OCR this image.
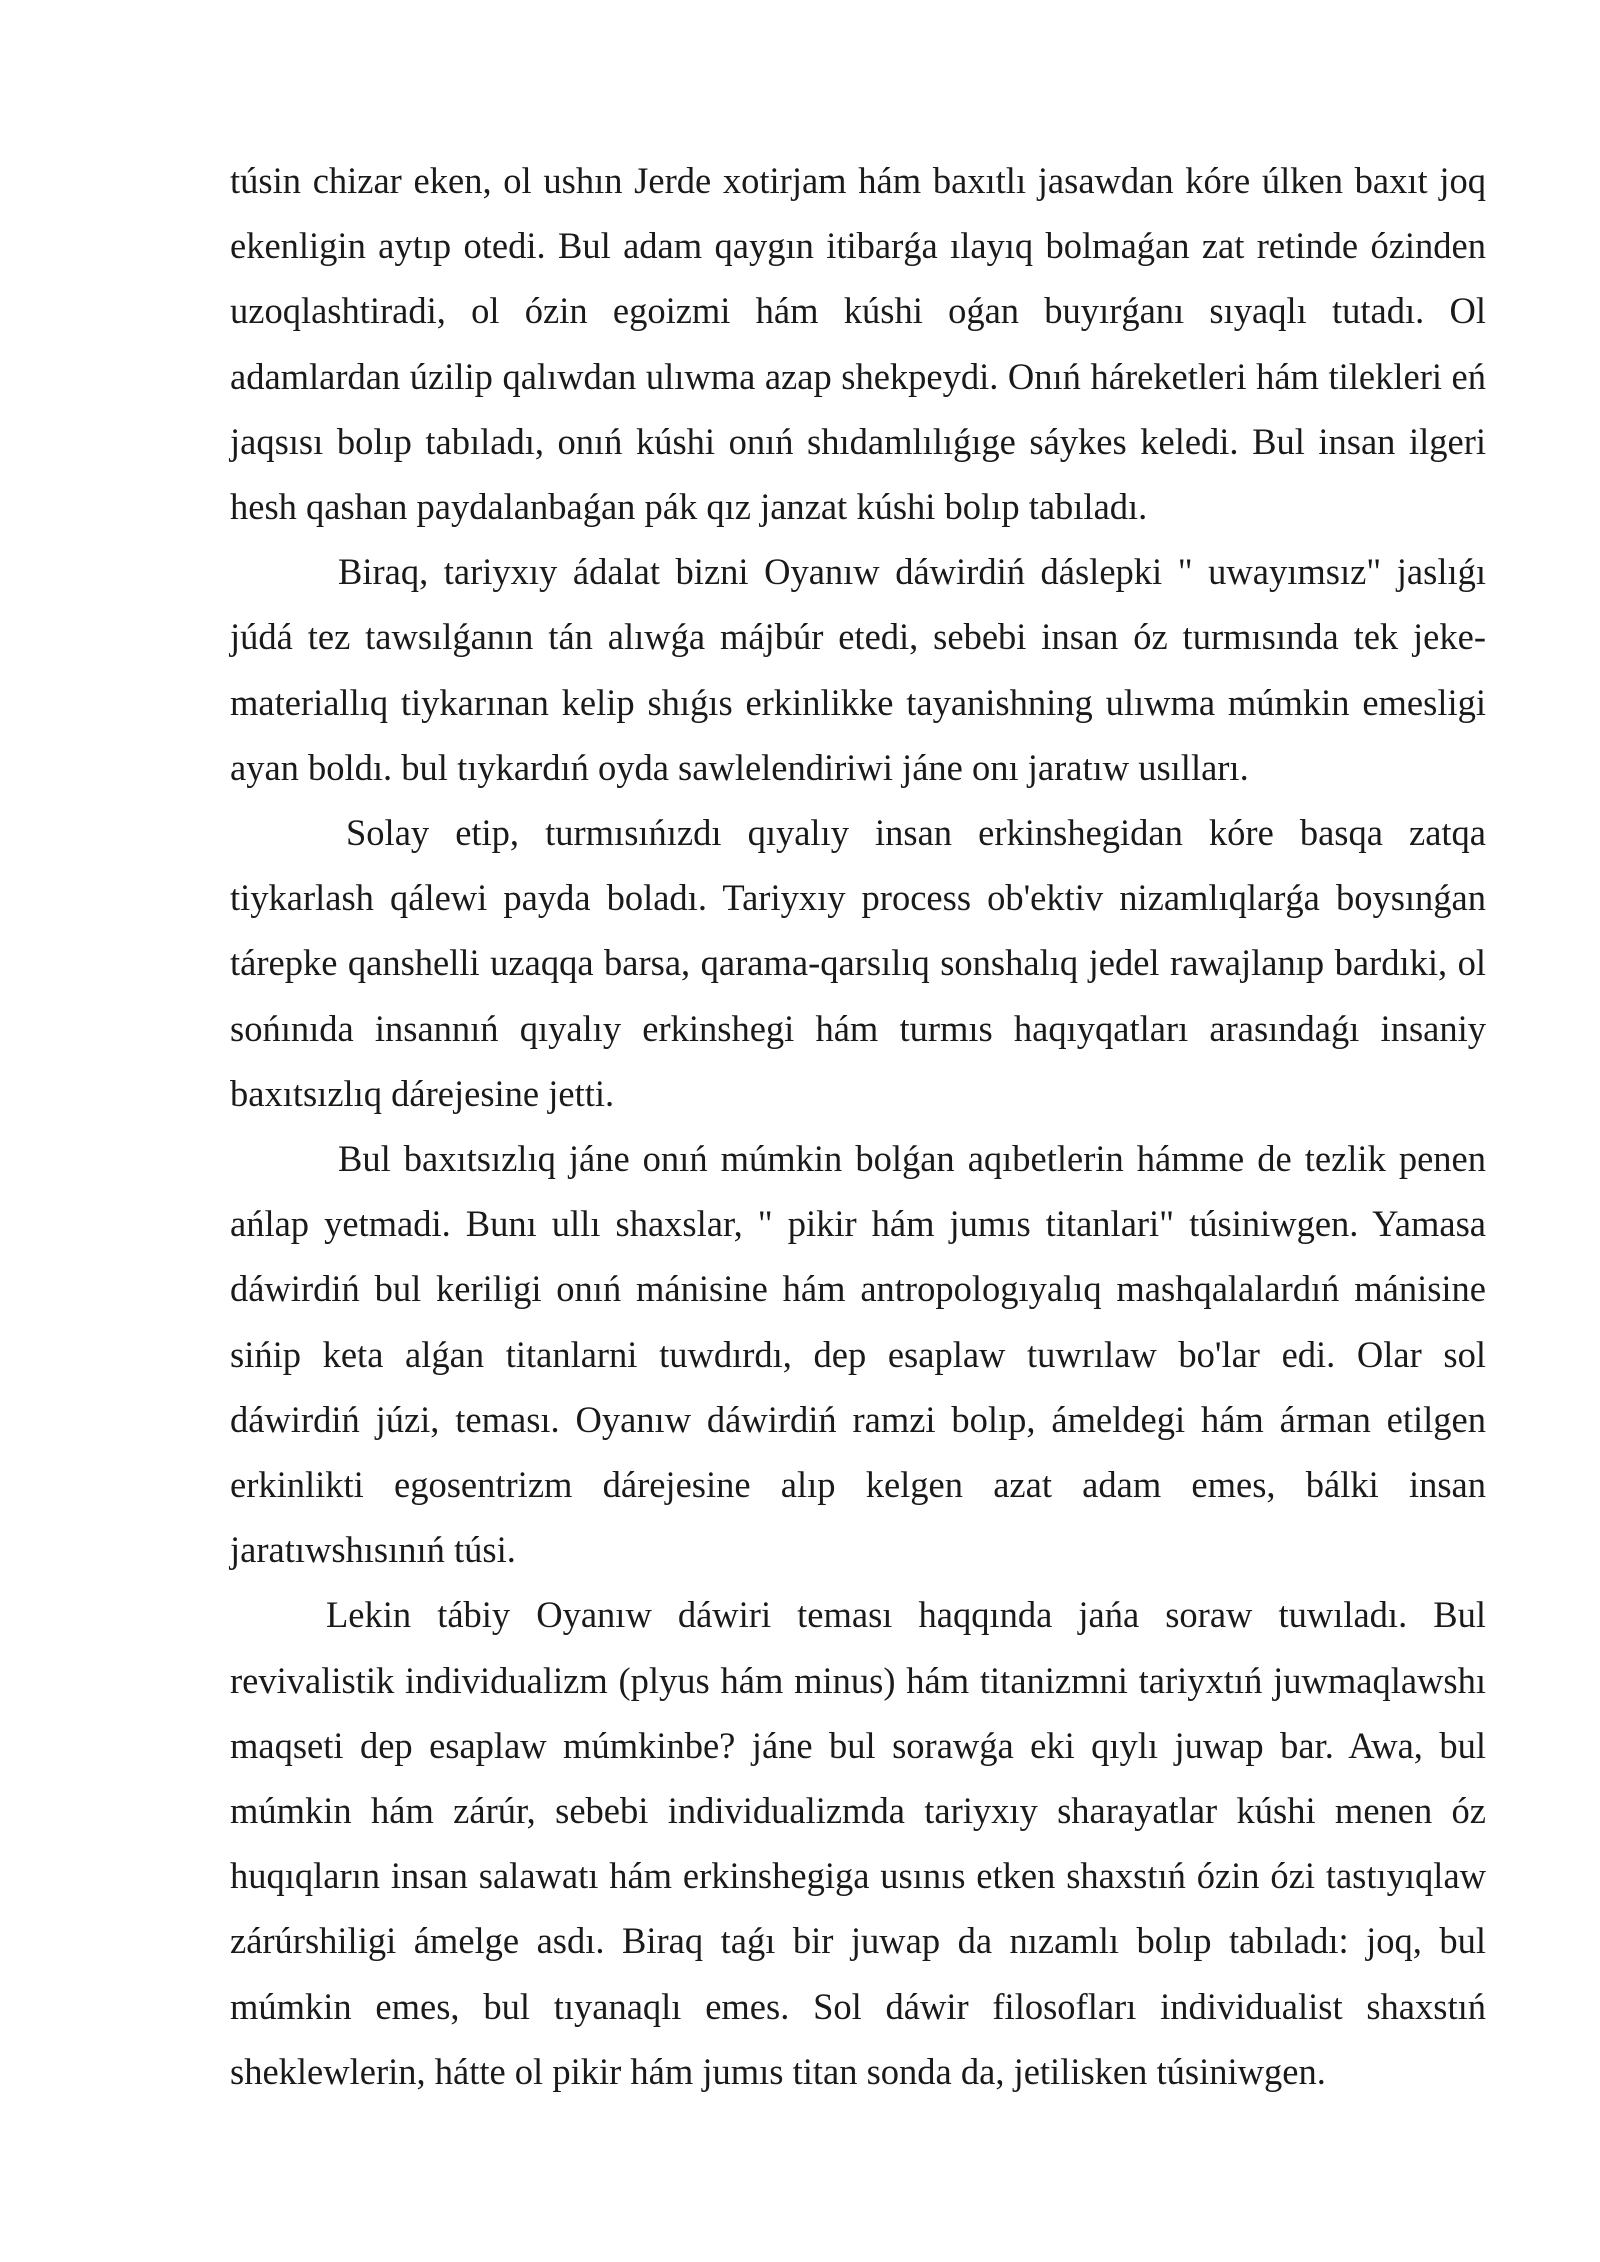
túsin chizar eken, ol ushın Jerde xotirjam hám baxıtlı jasawdan kóre úlken baxıt joq ekenligin aytıp otedi. Bul adam qaygın itibarǵa ılayıq bolmaǵan zat retinde ózinden uzoqlashtiradi, ol ózin egoizmi hám kúshi oǵan buyırǵanı sıyaqlı tutadı. Ol adamlardan úzilip qalıwdan ulıwma azap shekpeydi. Onıń háreketleri hám tilekleri eń jaqsısı bolıp tabıladı, onıń kúshi onıń shıdamlılıǵıge sáykes keledi. Bul insan ilgeri hesh qashan paydalanbaǵan pák qız janzat kúshi bolıp tabıladı.

Biraq, tariyxıy ádalat bizni Oyanıw dáwirdiń dáslepki " uwayımsız" jaslıǵı júdá tez tawsılǵanın tán alıwǵa májbúr etedi, sebebi insan óz turmısında tek jeke-materiallıq tiykarınan kelip shıǵıs erkinlikke tayanishning ulıwma múmkin emesligi ayan boldı. bul tıykardıń oyda sawlelendiriwi jáne onı jaratıw usılları.

Solay etip, turmısıńızdı qıyalıy insan erkinshegidan kóre basqa zatqa tiykarlash qálewi payda boladı. Tariyxıy process ob'ektiv nizamlıqlarǵa boysınǵan tárepke qanshelli uzaqqa barsa, qarama-qarsılıq sonshalıq jedel rawajlanıp bardıki, ol sońınıda insannıń qıyalıy erkinshegi hám turmıs haqıyqatları arasındaǵı insaniy baxıtsızlıq dárejesine jetti.

Bul baxıtsızlıq jáne onıń múmkin bolǵan aqıbetlerin hámme de tezlik penen ańlap yetmadi. Bunı ullı shaxslar, " pikir hám jumıs titanlari" túsiniwgen. Yamasa dáwirdiń bul keriligi onıń mánisine hám antropologıyalıq mashqalalardıń mánisine sińip keta alǵan titanlarni tuwdırdı, dep esaplaw tuwrılaw bo'lar edi. Olar sol dáwirdiń júzi, teması. Oyanıw dáwirdiń ramzi bolıp, ámeldegi hám árman etilgen erkinlikti egosentrizm dárejesine alıp kelgen azat adam emes, bálki insan jaratıwshısınıń túsi.

Lekin tábiy Oyanıw dáwiri teması haqqında jańa soraw tuwıladı. Bul revivalistik individualizm (plyus hám minus) hám titanizmni tariyxtıń juwmaqlawshı maqseti dep esaplaw múmkinbe? jáne bul sorawǵa eki qıylı juwap bar. Awa, bul múmkin hám zárúr, sebebi individualizmda tariyxıy sharayatlar kúshi menen óz huqıqların insan salawatı hám erkinshegiga usınıs etken shaxstıń ózin ózi tastıyıqlaw zárúrshiligi ámelge asdı. Biraq taǵı bir juwap da nızamlı bolıp tabıladı: joq, bul múmkin emes, bul tıyanaqlı emes. Sol dáwir filosofları individualist shaxstıń sheklewlerin, hátte ol pikir hám jumıs titan sonda da, jetilisken túsiniwgen.
